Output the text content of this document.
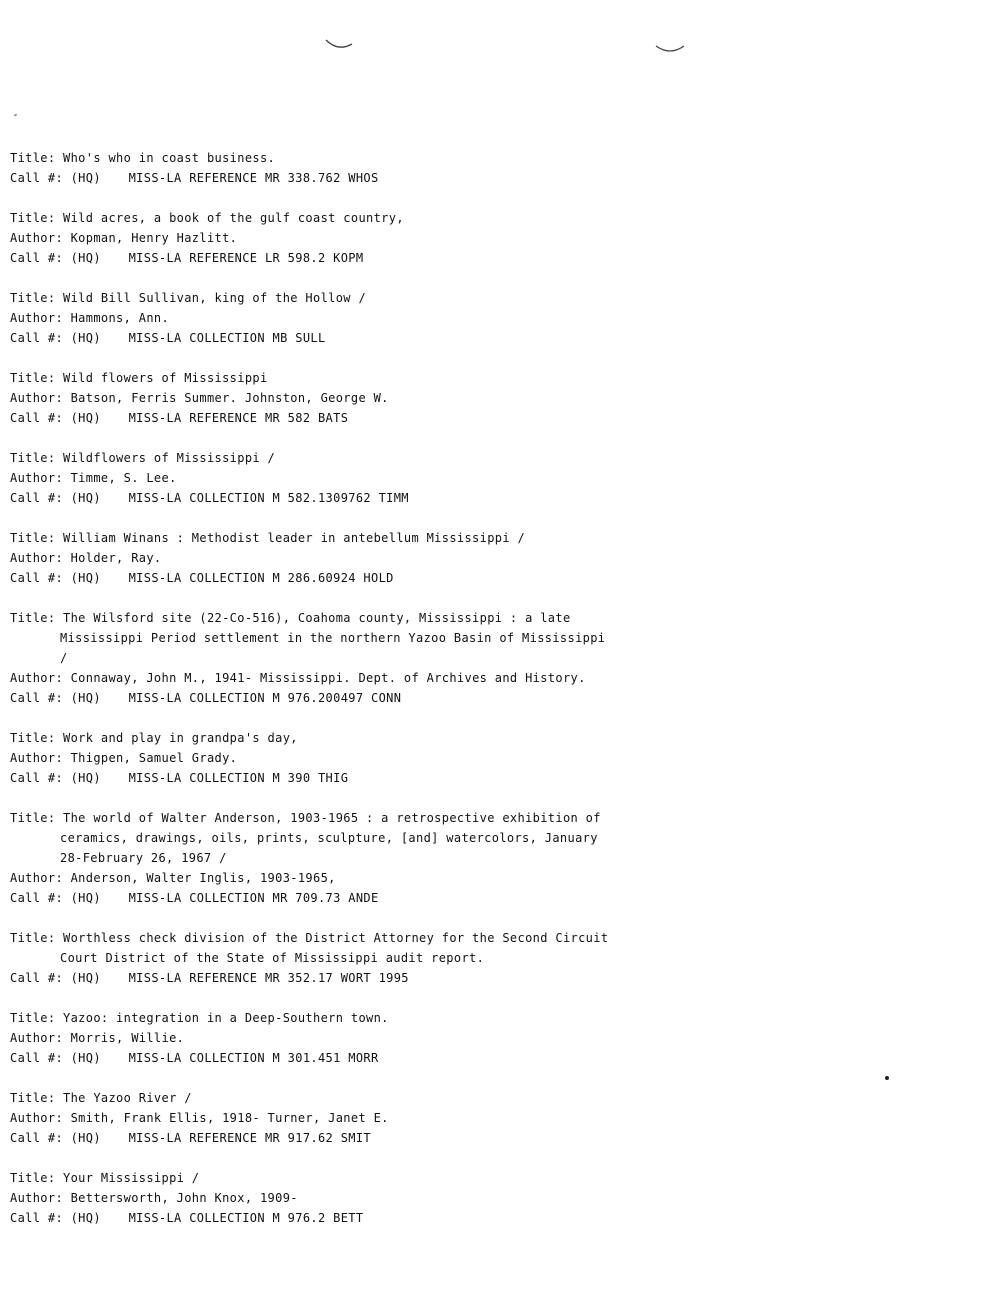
Title: Who's who in coast business.
Call #: (HQ) MISS-LA REFERENCE MR 338.762 WHOS
Title: Wild acres, a book of the gulf coast country,
Author: Kopman, Henry Hazlitt.
Call #: (HQ) MISS-LA REFERENCE LR 598.2 KOPM
Title: Wild Bill Sullivan, king of the Hollow /
Author: Hammons, Ann.
Call #: (HQ) MISS-LA COLLECTION MB SULL
Title: Wild flowers of Mississippi
Author: Batson, Ferris Summer. Johnston, George W.
Call #: (HQ) MISS-LA REFERENCE MR 582 BATS
Title: Wildflowers of Mississippi /
Author: Timme, S. Lee.
Call #: (HQ) MISS-LA COLLECTION M 582.1309762 TIMM
Title: William Winans : Methodist leader in antebellum Mississippi /
Author: Holder, Ray.
Call #: (HQ) MISS-LA COLLECTION M 286.60924 HOLD
Title: The Wilsford site (22-Co-516), Coahoma county, Mississippi : a late
Mississippi Period settlement in the northern Yazoo Basin of Mississippi
/
Author: Connaway, John M., 1941- Mississippi. Dept. of Archives and History.
Call #: (HQ) MISS-LA COLLECTION M 976.200497 CONN
Title: Work and play in grandpa's day,
Author: Thigpen, Samuel Grady.
Call #: (HQ) MISS-LA COLLECTION M 390 THIG
Title: The world of Walter Anderson, 1903-1965 : a retrospective exhibition of
ceramics, drawings, oils, prints, sculpture, [and] watercolors, January
28-February 26, 1967 /
Author: Anderson, Walter Inglis, 1903-1965,
Call #: (HQ) MISS-LA COLLECTION MR 709.73 ANDE
Title: Worthless check division of the District Attorney for the Second Circuit
Court District of the State of Mississippi audit report.
Call #: (HQ) MISS-LA REFERENCE MR 352.17 WORT 1995
Title: Yazoo: integration in a Deep-Southern town.
Author: Morris, Willie.
Call #: (HQ) MISS-LA COLLECTION M 301.451 MORR
Title: The Yazoo River /
Author: Smith, Frank Ellis, 1918- Turner, Janet E.
Call #: (HQ) MISS-LA REFERENCE MR 917.62 SMIT
Title: Your Mississippi /
Author: Bettersworth, John Knox, 1909-
Call #: (HQ) MISS-LA COLLECTION M 976.2 BETT
